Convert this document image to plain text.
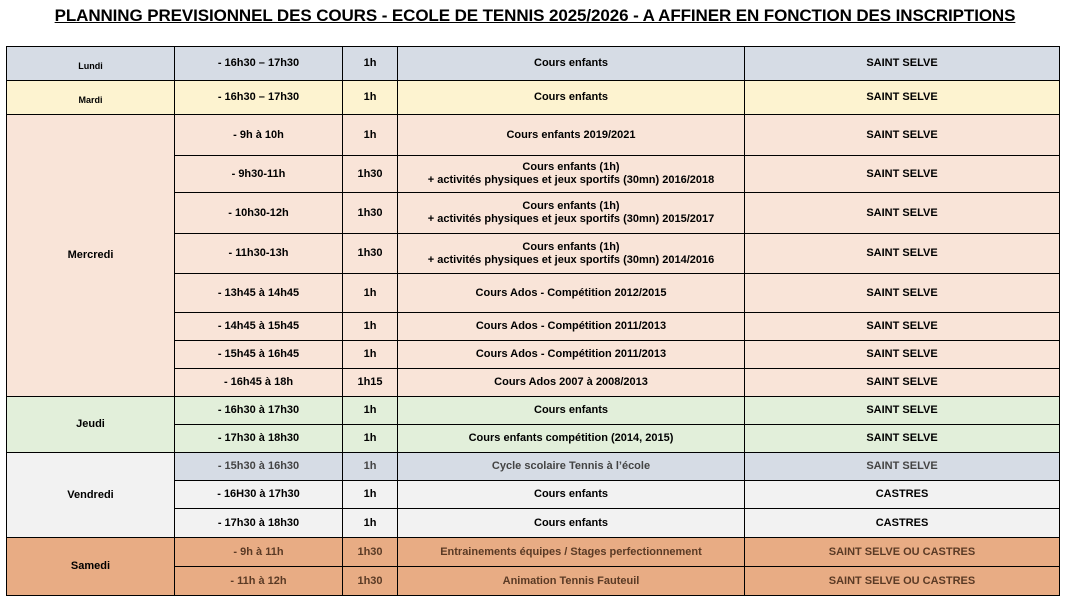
PLANNING PREVISIONNEL DES COURS - ECOLE DE TENNIS 2025/2026 - A AFFINER EN FONCTION DES INSCRIPTIONS
Lundi	- 16h30 – 17h30	1h	Cours enfants	SAINT SELVE
Mardi	- 16h30 – 17h30	1h	Cours enfants	SAINT SELVE
Mercredi	- 9h à 10h	1h	Cours enfants 2019/2021	SAINT SELVE
	- 9h30-11h	1h30	Cours enfants (1h)
+ activités physiques et jeux sportifs (30mn) 2016/2018	SAINT SELVE
	- 10h30-12h	1h30	Cours enfants (1h)
+ activités physiques et jeux sportifs (30mn) 2015/2017	SAINT SELVE
	- 11h30-13h	1h30	Cours enfants (1h)
+ activités physiques et jeux sportifs (30mn) 2014/2016	SAINT SELVE
	- 13h45 à 14h45	1h	Cours Ados - Compétition 2012/2015	SAINT SELVE
	- 14h45 à 15h45	1h	Cours Ados - Compétition 2011/2013	SAINT SELVE
	- 15h45 à 16h45	1h	Cours Ados - Compétition 2011/2013	SAINT SELVE
	- 16h45 à 18h	1h15	Cours Ados 2007 à 2008/2013	SAINT SELVE
Jeudi	- 16h30 à 17h30	1h	Cours enfants	SAINT SELVE
	- 17h30 à 18h30	1h	Cours enfants compétition (2014, 2015)	SAINT SELVE
Vendredi	- 15h30 à 16h30	1h	Cycle scolaire Tennis à l’école	SAINT SELVE
	- 16H30 à 17h30	1h	Cours enfants	CASTRES
	- 17h30 à 18h30	1h	Cours enfants	CASTRES
Samedi	- 9h à 11h	1h30	Entrainements équipes / Stages perfectionnement	SAINT SELVE OU CASTRES
	- 11h à 12h	1h30	Animation Tennis Fauteuil	SAINT SELVE OU CASTRES
